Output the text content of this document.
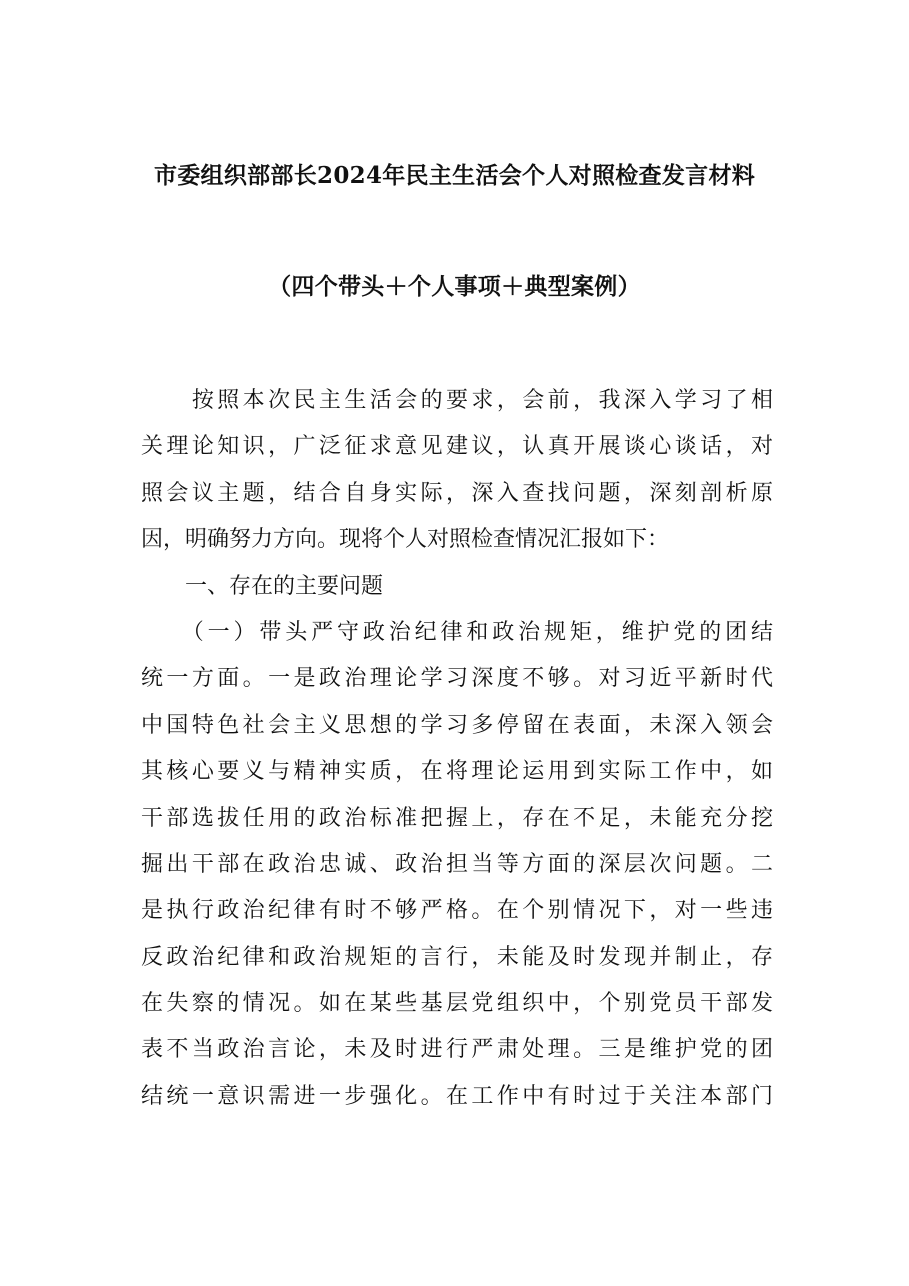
市委组织部部长2024年民主生活会个人对照检查发言材料
（四个带头＋个人事项＋典型案例）
　　按照本次民主生活会的要求，会前，我深入学习了相
关理论知识，广泛征求意见建议，认真开展谈心谈话，对
照会议主题，结合自身实际，深入查找问题，深刻剖析原
因，明确努力方向。现将个人对照检查情况汇报如下：
　　一、存在的主要问题
　　（一）带头严守政治纪律和政治规矩，维护党的团结
统一方面。一是政治理论学习深度不够。对习近平新时代
中国特色社会主义思想的学习多停留在表面，未深入领会
其核心要义与精神实质，在将理论运用到实际工作中，如
干部选拔任用的政治标准把握上，存在不足，未能充分挖
掘出干部在政治忠诚、政治担当等方面的深层次问题。二
是执行政治纪律有时不够严格。在个别情况下，对一些违
反政治纪律和政治规矩的言行，未能及时发现并制止，存
在失察的情况。如在某些基层党组织中，个别党员干部发
表不当政治言论，未及时进行严肃处理。三是维护党的团
结统一意识需进一步强化。在工作中有时过于关注本部门
